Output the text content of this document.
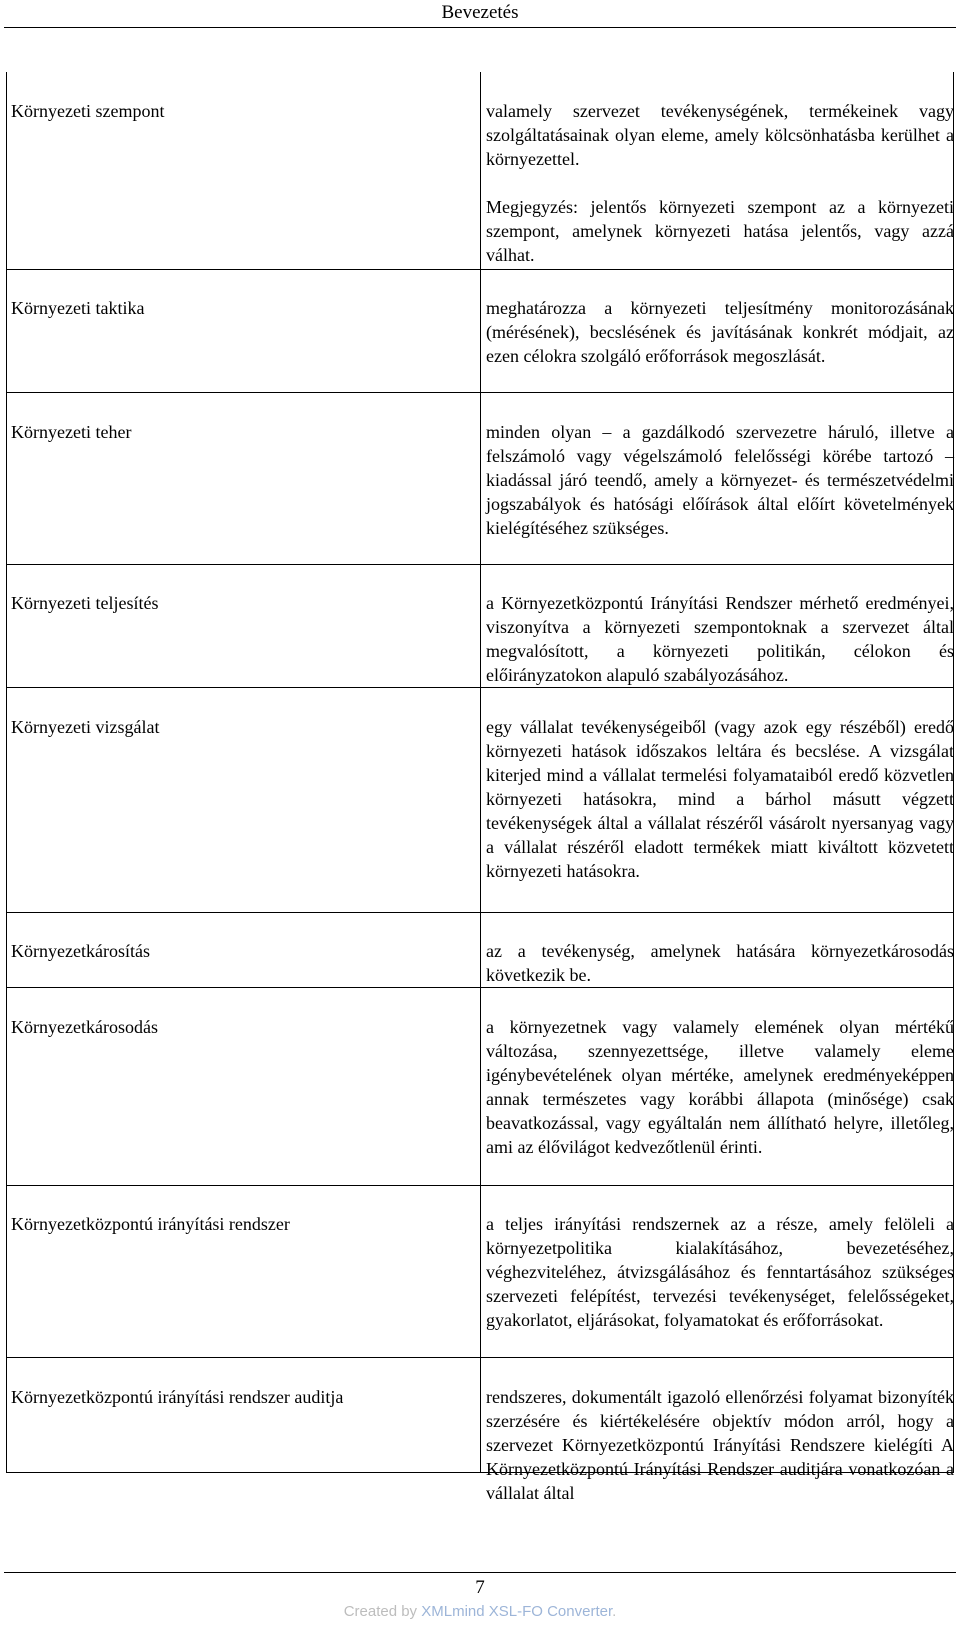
Bevezetés
Környezeti szempont	valamely szervezet tevékenységének, termékeinek vagy szolgáltatásainak olyan eleme, amely kölcsönhatásba kerülhet a környezettel.

Megjegyzés: jelentős környezeti szempont az a környezeti szempont, amelynek környezeti hatása jelentős, vagy azzá válhat.

Környezeti taktika	meghatározza a környezeti teljesítmény monitorozásának (mérésének), becslésének és javításának konkrét módjait, az ezen célokra szolgáló erőforrások megoszlását.

Környezeti teher	minden olyan – a gazdálkodó szervezetre háruló, illetve a felszámoló vagy végelszámoló felelősségi körébe tartozó – kiadással járó teendő, amely a környezet- és természetvédelmi jogszabályok és hatósági előírások által előírt követelmények kielégítéséhez szükséges.

Környezeti teljesítés	a Környezetközpontú Irányítási Rendszer mérhető eredményei, viszonyítva a környezeti szempontoknak a szervezet által megvalósított, a környezeti politikán, célokon és előirányzatokon alapuló szabályozásához.

Környezeti vizsgálat	egy vállalat tevékenységeiből (vagy azok egy részéből) eredő környezeti hatások időszakos leltára és becslése. A vizsgálat kiterjed mind a vállalat termelési folyamataiból eredő közvetlen környezeti hatásokra, mind a bárhol másutt végzett tevékenységek által a vállalat részéről vásárolt nyersanyag vagy a vállalat részéről eladott termékek miatt kiváltott közvetett környezeti hatásokra.

Környezetkárosítás	az a tevékenység, amelynek hatására környezetkárosodás következik be.

Környezetkárosodás	a környezetnek vagy valamely elemének olyan mértékű változása, szennyezettsége, illetve valamely eleme igénybevételének olyan mértéke, amelynek eredményeképpen annak természetes vagy korábbi állapota (minősége) csak beavatkozással, vagy egyáltalán nem állítható helyre, illetőleg, ami az élővilágot kedvezőtlenül érinti.

Környezetközpontú irányítási rendszer	a teljes irányítási rendszernek az a része, amely felöleli a környezetpolitika kialakításához, bevezetéséhez, véghezviteléhez, átvizsgálásához és fenntartásához szükséges szervezeti felépítést, tervezési tevékenységet, felelősségeket, gyakorlatot, eljárásokat, folyamatokat és erőforrásokat.

Környezetközpontú irányítási rendszer auditja	rendszeres, dokumentált igazoló ellenőrzési folyamat bizonyíték szerzésére és kiértékelésére objektív módon arról, hogy a szervezet Környezetközpontú Irányítási Rendszere kielégíti A Környezetközpontú Irányítási Rendszer auditjára vonatkozóan a vállalat által

7
Created by XMLmind XSL-FO Converter.
